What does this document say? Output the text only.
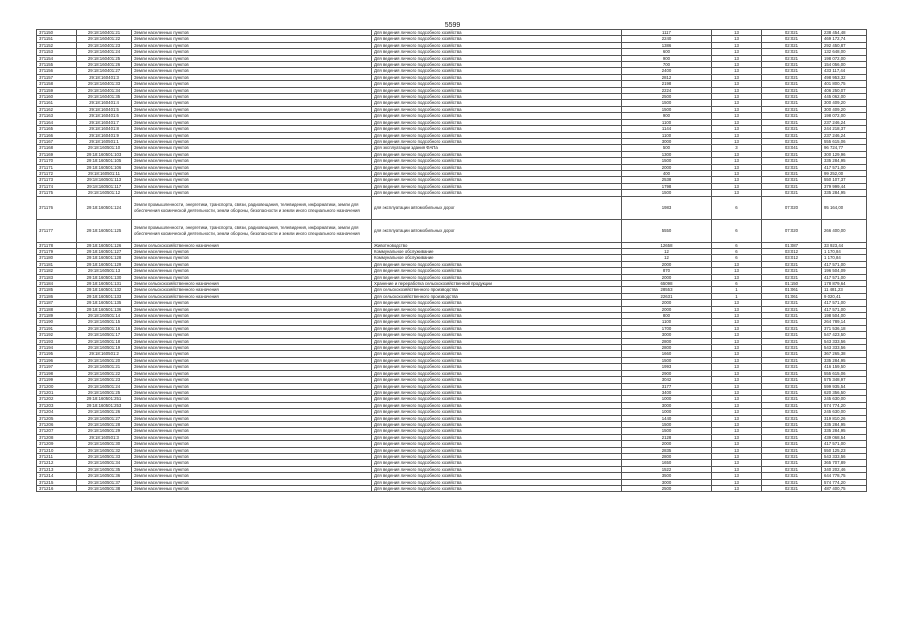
5599
371150	29:18:160401:21	Земли населенных пунктов	Для ведения личного подсобного хозяйства	1117	13	02:021	238 454,48
371151	29:18:160401:22	Земли населенных пунктов	Для ведения личного подсобного хозяйства	2240	13	02:021	469 172,74
371152	29:18:160401:23	Земли населенных пунктов	Для ведения личного подсобного хозяйства	1386	13	02:021	292 450,87
371153	29:18:160401:24	Земли населенных пунктов	Для ведения личного подсобного хозяйства	600	13	02:021	132 648,00
371154	29:18:160401:25	Земли населенных пунктов	Для ведения личного подсобного хозяйства	900	13	02:021	198 072,00
371155	29:18:160401:26	Земли населенных пунктов	Для ведения личного подсобного хозяйства	700	13	02:021	154 056,00
371156	29:18:160401:27	Земли населенных пунктов	Для ведения личного подсобного хозяйства	2400	13	02:021	433 117,44
371157	29:18:160401:3	Земли населенных пунктов	Для ведения личного подсобного хозяйства	2812	13	02:021	498 953,32
371158	29:18:160401:33	Земли населенных пунктов	Для ведения личного подсобного хозяйства	2198	13	02:021	401 800,75
371159	29:18:160401:34	Земли населенных пунктов	Для ведения личного подсобного хозяйства	2224	13	02:021	406 250,07
371160	29:18:160401:35	Земли населенных пунктов	Для ведения личного подсобного хозяйства	2500	13	02:021	445 062,00
371161	29:18:160401:4	Земли населенных пунктов	Для ведения личного подсобного хозяйства	1500	13	02:021	300 409,20
371162	29:18:160401:5	Земли населенных пунктов	Для ведения личного подсобного хозяйства	1500	13	02:021	300 409,20
371163	29:18:160401:6	Земли населенных пунктов	Для ведения личного подсобного хозяйства	900	13	02:021	198 072,00
371164	29:18:160401:7	Земли населенных пунктов	Для ведения личного подсобного хозяйства	1100	13	02:021	237 246,24
371165	29:18:160401:8	Земли населенных пунктов	Для ведения личного подсобного хозяйства	1144	13	02:021	244 218,37
371166	29:18:160401:9	Земли населенных пунктов	Для ведения личного подсобного хозяйства	1100	13	02:021	237 246,24
371167	29:18:160501:1	Земли населенных пунктов	Для ведения личного подсобного хозяйства	3000	13	02:021	555 615,06
371168	29:18:160501:10	Земли населенных пунктов	Для эксплуатации здания ФАПа	500	3	03:041	96 724,77
371169	29:18:160501:103	Земли населенных пунктов	Для ведения личного подсобного хозяйства	1300	13	02:021	300 129,96
371170	29:18:160501:105	Земли населенных пунктов	Для ведения личного подсобного хозяйства	1500	13	02:021	335 284,95
371171	29:18:160501:106	Земли населенных пунктов	Для ведения личного подсобного хозяйства	2000	13	02:021	417 571,00
371172	29:18:160501:11	Земли населенных пунктов	Для ведения личного подсобного хозяйства	400	13	02:021	99 252,00
371173	29:18:160501:113	Земли населенных пунктов	Для ведения личного подсобного хозяйства	2538	13	02:021	550 107,37
371174	29:18:160501:117	Земли населенных пунктов	Для ведения личного подсобного хозяйства	1798	13	02:021	379 999,44
371175	29:18:160501:12	Земли населенных пунктов	Для ведения личного подсобного хозяйства	1500	13	02:021	335 284,95
371176	29:18:160501:124	Земли промышленности, энергетики, транспорта, связи, радиовещания, телевидения, информатики, земли для обеспечения космической деятельности, земли обороны, безопасности и земли иного специального назначения	для эксплуатации автомобильных дорог	1983	6	07:020	95 164,00
371177	29:18:160501:125	Земли промышленности, энергетики, транспорта, связи, радиовещания, телевидения, информатики, земли для обеспечения космической деятельности, земли обороны, безопасности и земли иного специального назначения	для эксплуатации автомобильных дорог	5550	6	07:020	266 400,00
371178	29:18:160501:126	Земли сельскохозяйственного назначения	Животноводство	12658	6	01:087	33 923,44
371179	29:18:160501:127	Земли населенных пунктов	Коммунальное обслуживание	12	6	03:012	1 170,84
371180	29:18:160501:128	Земли населенных пунктов	Коммунальное обслуживание	12	6	03:012	1 170,84
371181	29:18:160501:129	Земли населенных пунктов	Для ведения личного подсобного хозяйства	2000	13	02:021	417 571,00
371182	29:18:160501:13	Земли населенных пунктов	Для ведения личного подсобного хозяйства	870	13	02:021	196 504,09
371183	29:18:160501:130	Земли населенных пунктов	Для ведения личного подсобного хозяйства	2000	13	02:021	417 571,00
371184	29:18:160501:131	Земли сельскохозяйственного назначения	Хранение и переработка сельскохозяйственной продукции	65098	6	01:150	178 879,64
371185	29:18:160501:132	Земли сельскохозяйственного назначения	Для сельскохозяйственного производства	28553	1	01:061	11 481,23
371186	29:18:160501:133	Земли сельскохозяйственного назначения	Для сельскохозяйственного производства	22631	1	01:061	9 020,41
371187	29:18:160501:135	Земли населенных пунктов	Для ведения личного подсобного хозяйства	2000	13	02:021	417 571,00
371188	29:18:160501:136	Земли населенных пунктов	Для ведения личного подсобного хозяйства	2000	13	02:021	417 571,00
371189	29:18:160501:14	Земли населенных пунктов	Для ведения личного подсобного хозяйства	800	13	02:021	198 504,00
371190	29:18:160501:15	Земли населенных пунктов	Для ведения личного подсобного хозяйства	1100	13	02:021	264 789,14
371191	29:18:160501:16	Земли населенных пунктов	Для ведения личного подсобного хозяйства	1700	13	02:021	371 536,18
371192	29:18:160501:17	Земли населенных пунктов	Для ведения личного подсобного хозяйства	3000	13	02:021	547 423,50
371193	29:18:160501:18	Земли населенных пунктов	Для ведения личного подсобного хозяйства	2800	13	02:021	543 333,56
371194	29:18:160501:19	Земли населенных пунктов	Для ведения личного подсобного хозяйства	2800	13	02:021	543 333,56
371195	29:18:160501:2	Земли населенных пунктов	Для ведения личного подсобного хозяйства	1660	13	02:021	367 265,38
371196	29:18:160501:20	Земли населенных пунктов	Для ведения личного подсобного хозяйства	1500	13	02:021	335 284,95
371197	29:18:160501:21	Земли населенных пунктов	Для ведения личного подсобного хозяйства	1993	13	02:021	416 159,50
371198	29:18:160501:22	Земли населенных пунктов	Для ведения личного подсобного хозяйства	2900	13	02:021	555 615,06
371199	29:18:160501:23	Земли населенных пунктов	Для ведения личного подсобного хозяйства	3042	13	02:021	575 348,97
371200	29:18:160501:24	Земли населенных пунктов	Для ведения личного подсобного хозяйства	3177	13	02:021	599 935,54
371201	29:18:160501:25	Земли населенных пунктов	Для ведения личного подсобного хозяйства	3400	13	02:021	620 356,50
371202	29:18:160501:251	Земли населенных пунктов	Для ведения личного подсобного хозяйства	1000	13	02:021	245 630,00
371203	29:18:160501:253	Земли населенных пунктов	Для ведения личного подсобного хозяйства	3000	13	02:021	574 774,20
371204	29:18:160501:26	Земли населенных пунктов	Для ведения личного подсобного хозяйства	1000	13	02:021	245 630,00
371205	29:18:160501:27	Земли населенных пунктов	Для ведения личного подсобного хозяйства	1440	13	02:021	319 810,26
371206	29:18:160501:28	Земли населенных пунктов	Для ведения личного подсобного хозяйства	1500	13	02:021	335 284,95
371207	29:18:160501:29	Земли населенных пунктов	Для ведения личного подсобного хозяйства	1500	13	02:021	335 284,95
371208	29:18:160501:3	Земли населенных пунктов	Для ведения личного подсобного хозяйства	2128	13	02:021	439 068,54
371209	29:18:160501:30	Земли населенных пунктов	Для ведения личного подсобного хозяйства	2000	13	02:021	417 571,00
371210	29:18:160501:32	Земли населенных пунктов	Для ведения личного подсобного хозяйства	2835	13	02:021	550 125,23
371211	29:18:160501:33	Земли населенных пунктов	Для ведения личного подсобного хозяйства	2800	13	02:021	543 333,56
371212	29:18:160501:34	Земли населенных пунктов	Для ведения личного подсобного хозяйства	1650	13	02:021	365 707,89
371213	29:18:160501:35	Земли населенных пунктов	Для ведения личного подсобного хозяйства	1522	13	02:021	340 202,46
371214	29:18:160501:36	Земли населенных пунктов	Для ведения личного подсобного хозяйства	3500	13	02:021	644 778,75
371215	29:18:160501:37	Земли населенных пунктов	Для ведения личного подсобного хозяйства	3000	13	02:021	574 774,20
371216	29:18:160501:38	Земли населенных пунктов	Для ведения личного подсобного хозяйства	2500	13	02:021	487 400,75
